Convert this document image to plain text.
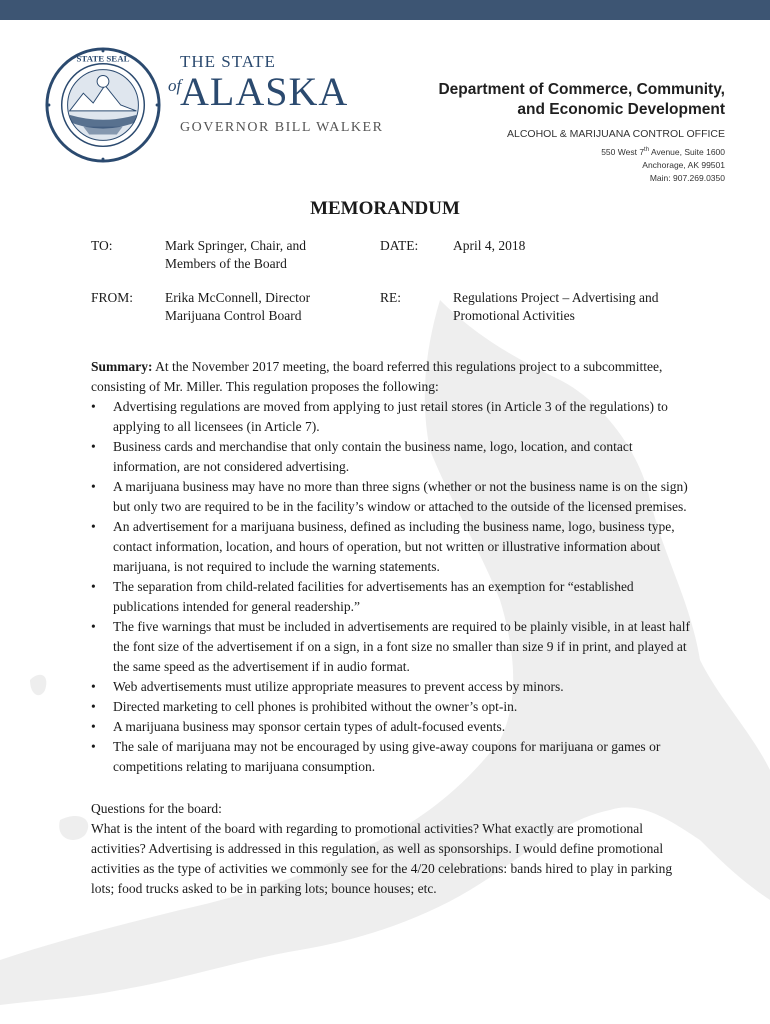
STATE SEAL	THE STATE
of
ALASKA
GOVERNOR BILL WALKER
Department of Commerce, Community,
and Economic Development
ALCOHOL & MARIJUANA CONTROL OFFICE
550 West 7th Avenue, Suite 1600
Anchorage, AK 99501
Main: 907.269.0350
MEMORANDUM
TO:	Mark Springer, Chair, and
Members of the Board
DATE:	April 4, 2018
FROM: Erika McConnell, Director
Marijuana Control Board
RE:	Regulations Project – Advertising and
Promotional Activities

Summary: At the November 2017 meeting, the board referred this regulations project to a subcommittee, consisting of Mr. Miller. This regulation proposes the following:

• Advertising regulations are moved from applying to just retail stores (in Article 3 of the regulations) to applying to all licensees (in Article 7).
• Business cards and merchandise that only contain the business name, logo, location, and contact information, are not considered advertising.
• A marijuana business may have no more than three signs (whether or not the business name is on the sign) but only two are required to be in the facility’s window or attached to the outside of the licensed premises.
• An advertisement for a marijuana business, defined as including the business name, logo, business type, contact information, location, and hours of operation, but not written or illustrative information about marijuana, is not required to include the warning statements.
• The separation from child-related facilities for advertisements has an exemption for “established publications intended for general readership.”
• The five warnings that must be included in advertisements are required to be plainly visible, in at least half the font size of the advertisement if on a sign, in a font size no smaller than size 9 if in print, and played at the same speed as the advertisement if in audio format.
• Web advertisements must utilize appropriate measures to prevent access by minors.
• Directed marketing to cell phones is prohibited without the owner’s opt-in.
• A marijuana business may sponsor certain types of adult-focused events.
• The sale of marijuana may not be encouraged by using give-away coupons for marijuana or games or competitions relating to marijuana consumption.

Questions for the board:

What is the intent of the board with regarding to promotional activities? What exactly are promotional activities? Advertising is addressed in this regulation, as well as sponsorships. I would define promotional activities as the type of activities we commonly see for the 4/20 celebrations: bands hired to play in parking lots; food trucks asked to be in parking lots; bounce houses; etc.
